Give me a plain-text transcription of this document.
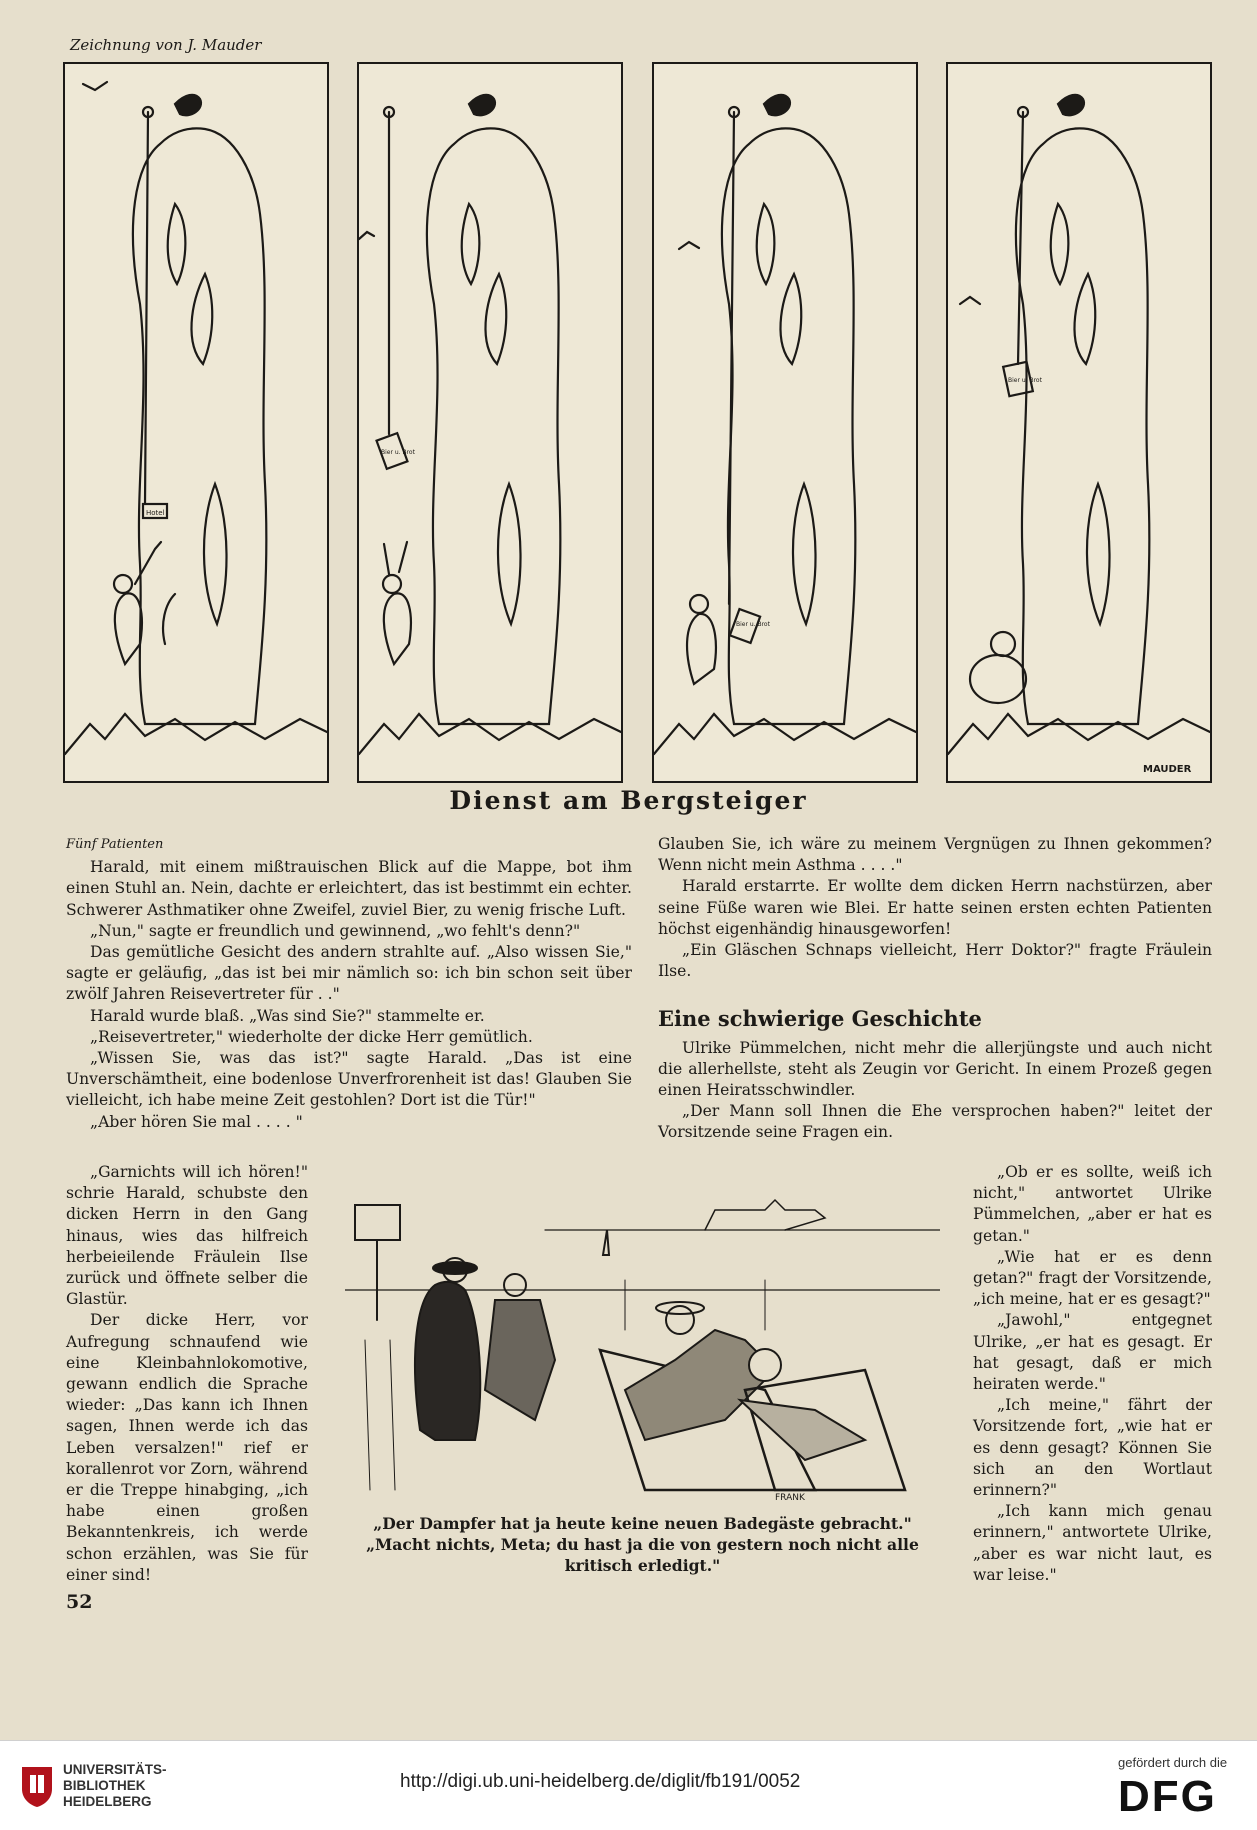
Zeichnung von J. Mauder
Hotel
Bier u. Brot
Bier u. Brot
Bier u. Brot
MAUDER
Dienst am Bergsteiger
Fünf Patienten

Harald, mit einem mißtrauischen Blick auf die Mappe, bot ihm einen Stuhl an. Nein, dachte er erleichtert, das ist bestimmt ein echter. Schwerer Asthmatiker ohne Zweifel, zuviel Bier, zu wenig frische Luft.

„Nun," sagte er freundlich und gewinnend, „wo fehlt's denn?"

Das gemütliche Gesicht des andern strahlte auf. „Also wissen Sie," sagte er geläufig, „das ist bei mir nämlich so: ich bin schon seit über zwölf Jahren Reisevertreter für . ."

Harald wurde blaß. „Was sind Sie?" stammelte er.

„Reisevertreter," wiederholte der dicke Herr gemütlich.

„Wissen Sie, was das ist?" sagte Harald. „Das ist eine Unverschämtheit, eine bodenlose Unverfrorenheit ist das! Glauben Sie vielleicht, ich habe meine Zeit gestohlen? Dort ist die Tür!"

„Aber hören Sie mal . . . . "

„Garnichts will ich hören!" schrie Harald, schubste den dicken Herrn in den Gang hinaus, wies das hilfreich herbeieilende Fräulein Ilse zurück und öffnete selber die Glastür.

Der dicke Herr, vor Aufregung schnaufend wie eine Kleinbahnlokomotive, gewann endlich die Sprache wieder: „Das kann ich Ihnen sagen, Ihnen werde ich das Leben versalzen!" rief er korallenrot vor Zorn, während er die Treppe hinabging, „ich habe einen großen Bekanntenkreis, ich werde schon erzählen, was Sie für einer sind!

Glauben Sie, ich wäre zu meinem Vergnügen zu Ihnen gekommen? Wenn nicht mein Asthma . . . ."

Harald erstarrte. Er wollte dem dicken Herrn nachstürzen, aber seine Füße waren wie Blei. Er hatte seinen ersten echten Patienten höchst eigenhändig hinausgeworfen!

„Ein Gläschen Schnaps vielleicht, Herr Doktor?" fragte Fräulein Ilse.

Eine schwierige Geschichte

Ulrike Pümmelchen, nicht mehr die allerjüngste und auch nicht die allerhellste, steht als Zeugin vor Gericht. In einem Prozeß gegen einen Heiratsschwindler.

„Der Mann soll Ihnen die Ehe versprochen haben?" leitet der Vorsitzende seine Fragen ein.

„Ob er es sollte, weiß ich nicht," antwortet Ulrike Pümmelchen, „aber er hat es getan."

„Wie hat er es denn getan?" fragt der Vorsitzende, „ich meine, hat er es gesagt?"

„Jawohl," entgegnet Ulrike, „er hat es gesagt. Er hat gesagt, daß er mich heiraten werde."

„Ich meine," fährt der Vorsitzende fort, „wie hat er es denn gesagt? Können Sie sich an den Wortlaut erinnern?"

„Ich kann mich genau erinnern," antwortete Ulrike, „aber es war nicht laut, es war leise."

FRANK
„Der Dampfer hat ja heute keine neuen Badegäste gebracht."
„Macht nichts, Meta; du hast ja die von gestern noch nicht alle
kritisch erledigt."
52
UNIVERSITÄTS-
BIBLIOTHEK
HEIDELBERG
http://digi.ub.uni-heidelberg.de/diglit/fb191/0052
gefördert durch die
DFG
